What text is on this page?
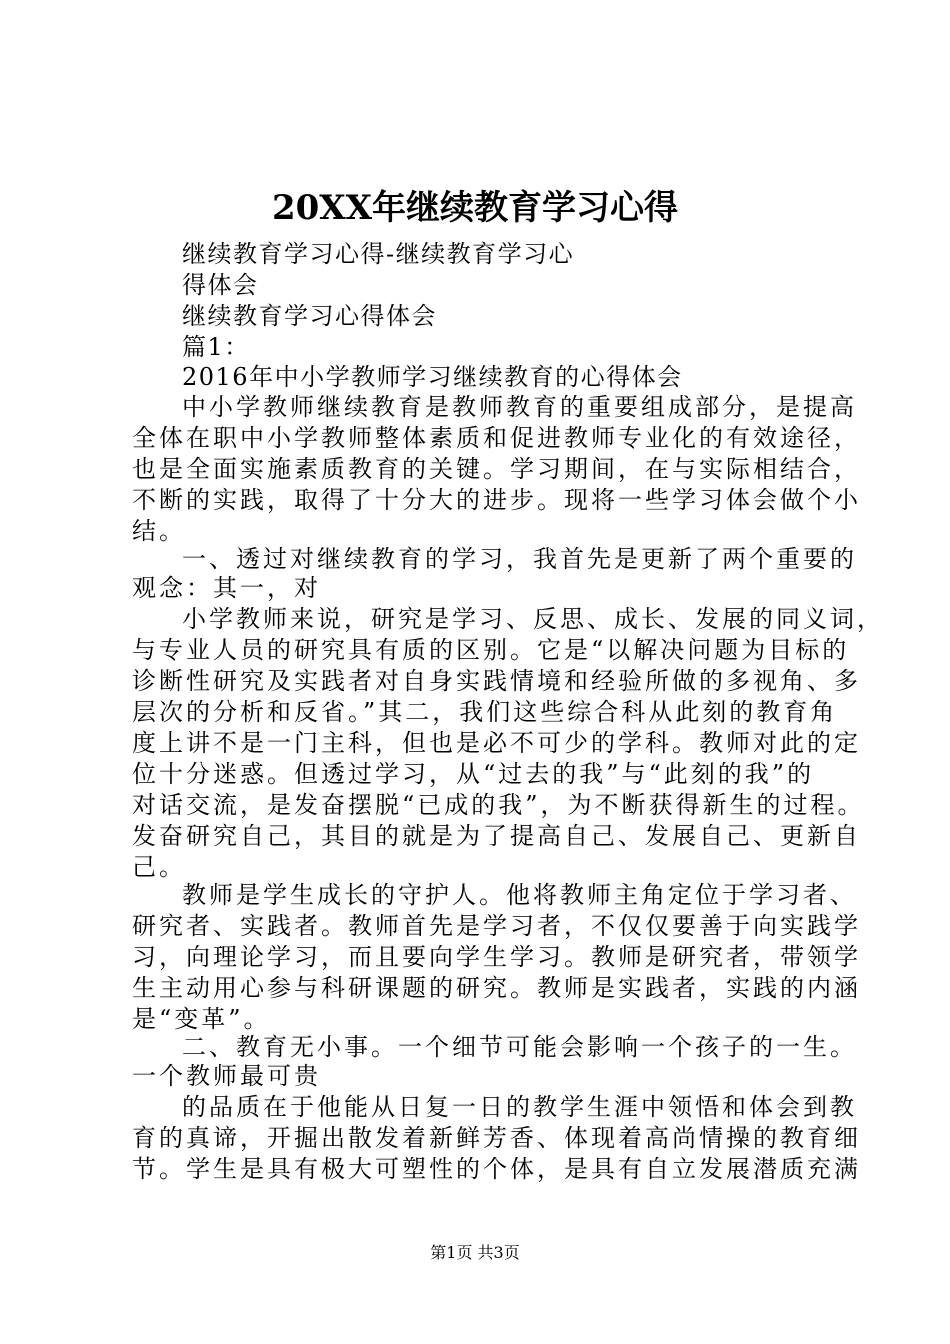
20XX年继续教育学习心得
继续教育学习心得-继续教育学习心
得体会
继续教育学习心得体会
篇1：
2016年中小学教师学习继续教育的心得体会
中小学教师继续教育是教师教育的重要组成部分，是提高
全体在职中小学教师整体素质和促进教师专业化的有效途径，
也是全面实施素质教育的关键。学习期间，在与实际相结合，
不断的实践，取得了十分大的进步。现将一些学习体会做个小
结。
一、透过对继续教育的学习，我首先是更新了两个重要的
观念：其一，对
小学教师来说，研究是学习、反思、成长、发展的同义词，
与专业人员的研究具有质的区别。它是“以解决问题为目标的
诊断性研究及实践者对自身实践情境和经验所做的多视角、多
层次的分析和反省。”其二，我们这些综合科从此刻的教育角
度上讲不是一门主科，但也是必不可少的学科。教师对此的定
位十分迷惑。但透过学习，从“过去的我”与“此刻的我”的
对话交流，是发奋摆脱“已成的我”，为不断获得新生的过程。
发奋研究自己，其目的就是为了提高自己、发展自己、更新自
己。
教师是学生成长的守护人。他将教师主角定位于学习者、
研究者、实践者。教师首先是学习者，不仅仅要善于向实践学
习，向理论学习，而且要向学生学习。教师是研究者，带领学
生主动用心参与科研课题的研究。教师是实践者，实践的内涵
是“变革”。
二、教育无小事。一个细节可能会影响一个孩子的一生。
一个教师最可贵
的品质在于他能从日复一日的教学生涯中领悟和体会到教
育的真谛，开掘出散发着新鲜芳香、体现着高尚情操的教育细
节。学生是具有极大可塑性的个体，是具有自立发展潜质充满
第1页 共3页
